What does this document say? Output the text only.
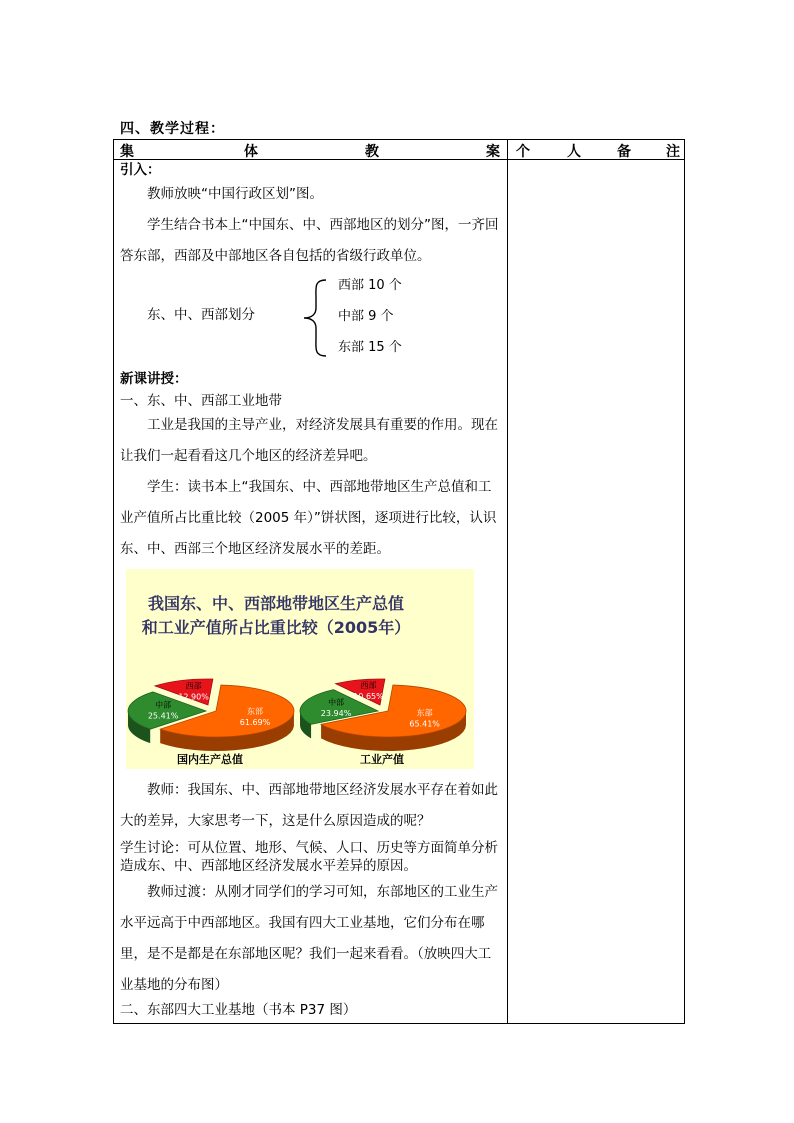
四、教学过程：
集	体	教	案 个	人	备	注

引入：

教师放映“中国行政区划”图。

学生结合书本上“中国东、中、西部地区的划分”图，一齐回答东部，西部及中部地区各自包括的省级行政单位。

东、中、西部划分
西部 10 个
中部 9 个
东部 15 个

新课讲授：

一、东、中、西部工业地带

工业是我国的主导产业，对经济发展具有重要的作用。现在让我们一起看看这几个地区的经济差异吧。

学生：读书本上“我国东、中、西部地带地区生产总值和工业产值所占比重比较（2005 年）”饼状图，逐项进行比较，认识东、中、西部三个地区经济发展水平的差距。

我国东、中、西部地带地区生产总值
和工业产值所占比重比较（2005年）
东部
61.69%
中部
25.41%
西部
12.90%
国内生产总值
东部
65.41%
中部
23.94%
西部
10.65%
工业产值

教师：我国东、中、西部地带地区经济发展水平存在着如此大的差异，大家思考一下，这是什么原因造成的呢？

学生讨论：可从位置、地形、气候、人口、历史等方面简单分析造成东、中、西部地区经济发展水平差异的原因。

教师过渡：从刚才同学们的学习可知，东部地区的工业生产水平远高于中西部地区。我国有四大工业基地，它们分布在哪里，是不是都是在东部地区呢？我们一起来看看。（放映四大工业基地的分布图）

二、东部四大工业基地（书本 P37 图）
